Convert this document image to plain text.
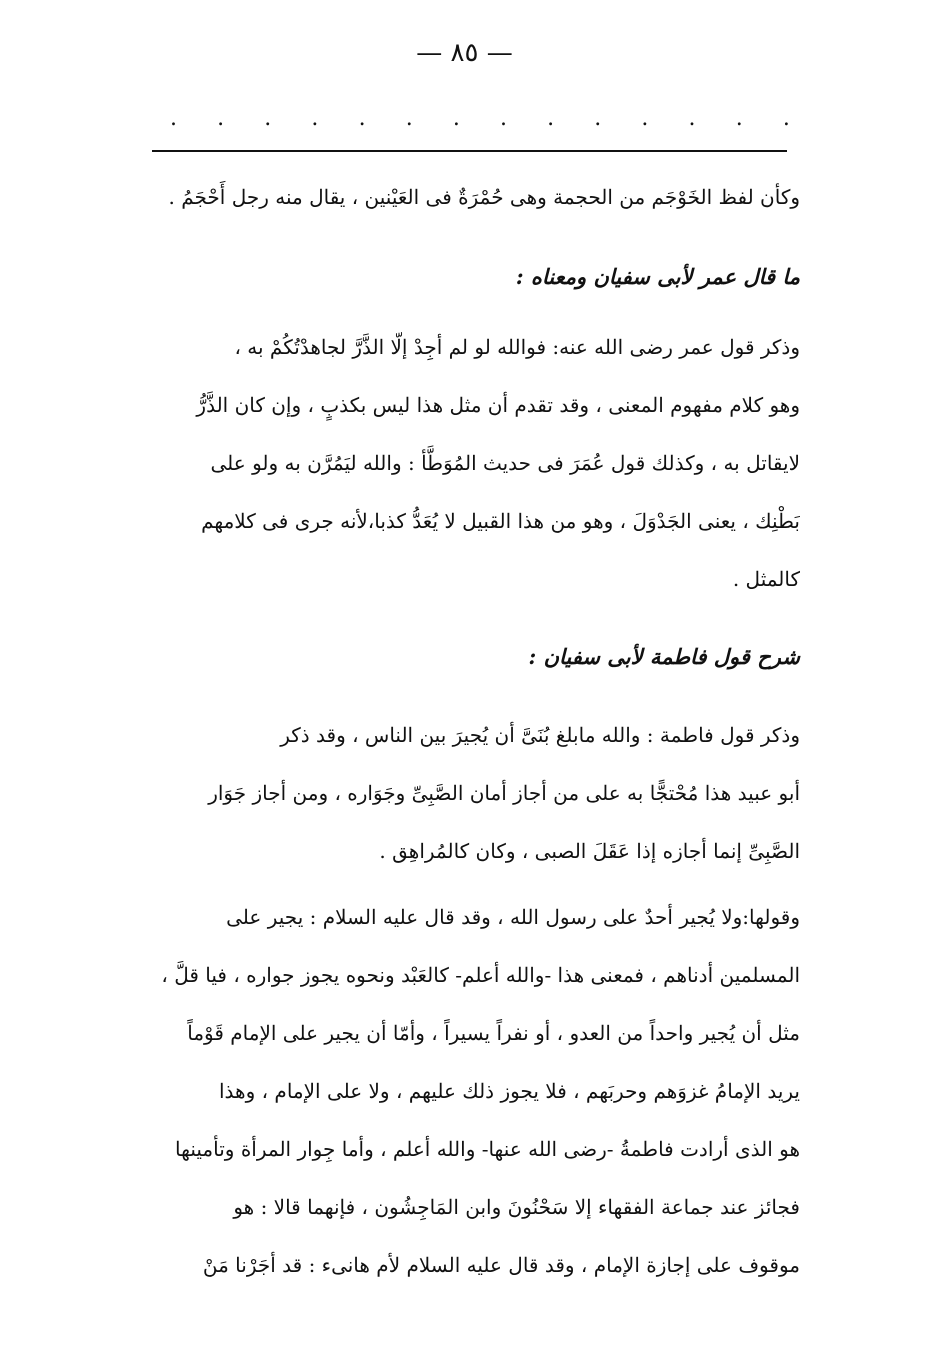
— ٨٥ —
. . . . . . . . . . . . . .
وكأن لفظ الخَوْجَم من الحجمة وهى حُمْرَةٌ فى العَيْنين ، يقال منه رجل أَحْجَمُ .
ما قال عمر لأبى سفيان ومعناه :
وذكر قول عمر رضى الله عنه: فوالله لو لم أجِدْ إلّا الذَّرَّ لجاهدْتُكُمْ به ،
وهو كلام مفهوم المعنى ، وقد تقدم أن مثل هذا ليس بكذبٍ ، وإن كان الذَّرُّ
لايقاتل به ، وكذلك قول عُمَرَ فى حديث المُوَطَّأ : والله ليَمُرَّن به ولو على
بَطْنِك ، يعنى الجَدْوَلَ ، وهو من هذا القبيل لا يُعَدُّ كذبا،لأنه جرى فى كلامهم
كالمثل .
شرح قول فاطمة لأبى سفيان :
وذكر قول فاطمة : والله مابلغ بُنَىَّ أن يُجيرَ بين الناس ، وقد ذكر
أبو عبيد هذا مُحْتجًّا به على من أجاز أمان الصَّبِىِّ وجَوَاره ، ومن أجاز جَوَار
الصَّبِىِّ إنما أجازه إذا عَقَلَ الصبى ، وكان كالمُراهِق .
وقولها:ولا يُجير أحدٌ على رسول الله ، وقد قال عليه السلام : يجير على
المسلمين أدناهم ، فمعنى هذا -والله أعلم- كالعَبْد ونحوه يجوز جواره ، فيا قلَّ ،
مثل أن يُجير واحداً من العدو ، أو نفراً يسيراً ، وأمّا أن يجير على الإمام قَوْماً
يريد الإمامُ غزوَهم وحربَهم ، فلا يجوز ذلك عليهم ، ولا على الإمام ، وهذا
هو الذى أرادت فاطمةُ -رضى الله عنها- والله أعلم ، وأما جِوار المرأة وتأمينها
فجائز عند جماعة الفقهاء إلا سَحْنُونَ وابن المَاجِشُون ، فإنهما قالا : هو
موقوف على إجازة الإمام ، وقد قال عليه السلام لأم هانىء : قد أجَرْنا مَنْ
